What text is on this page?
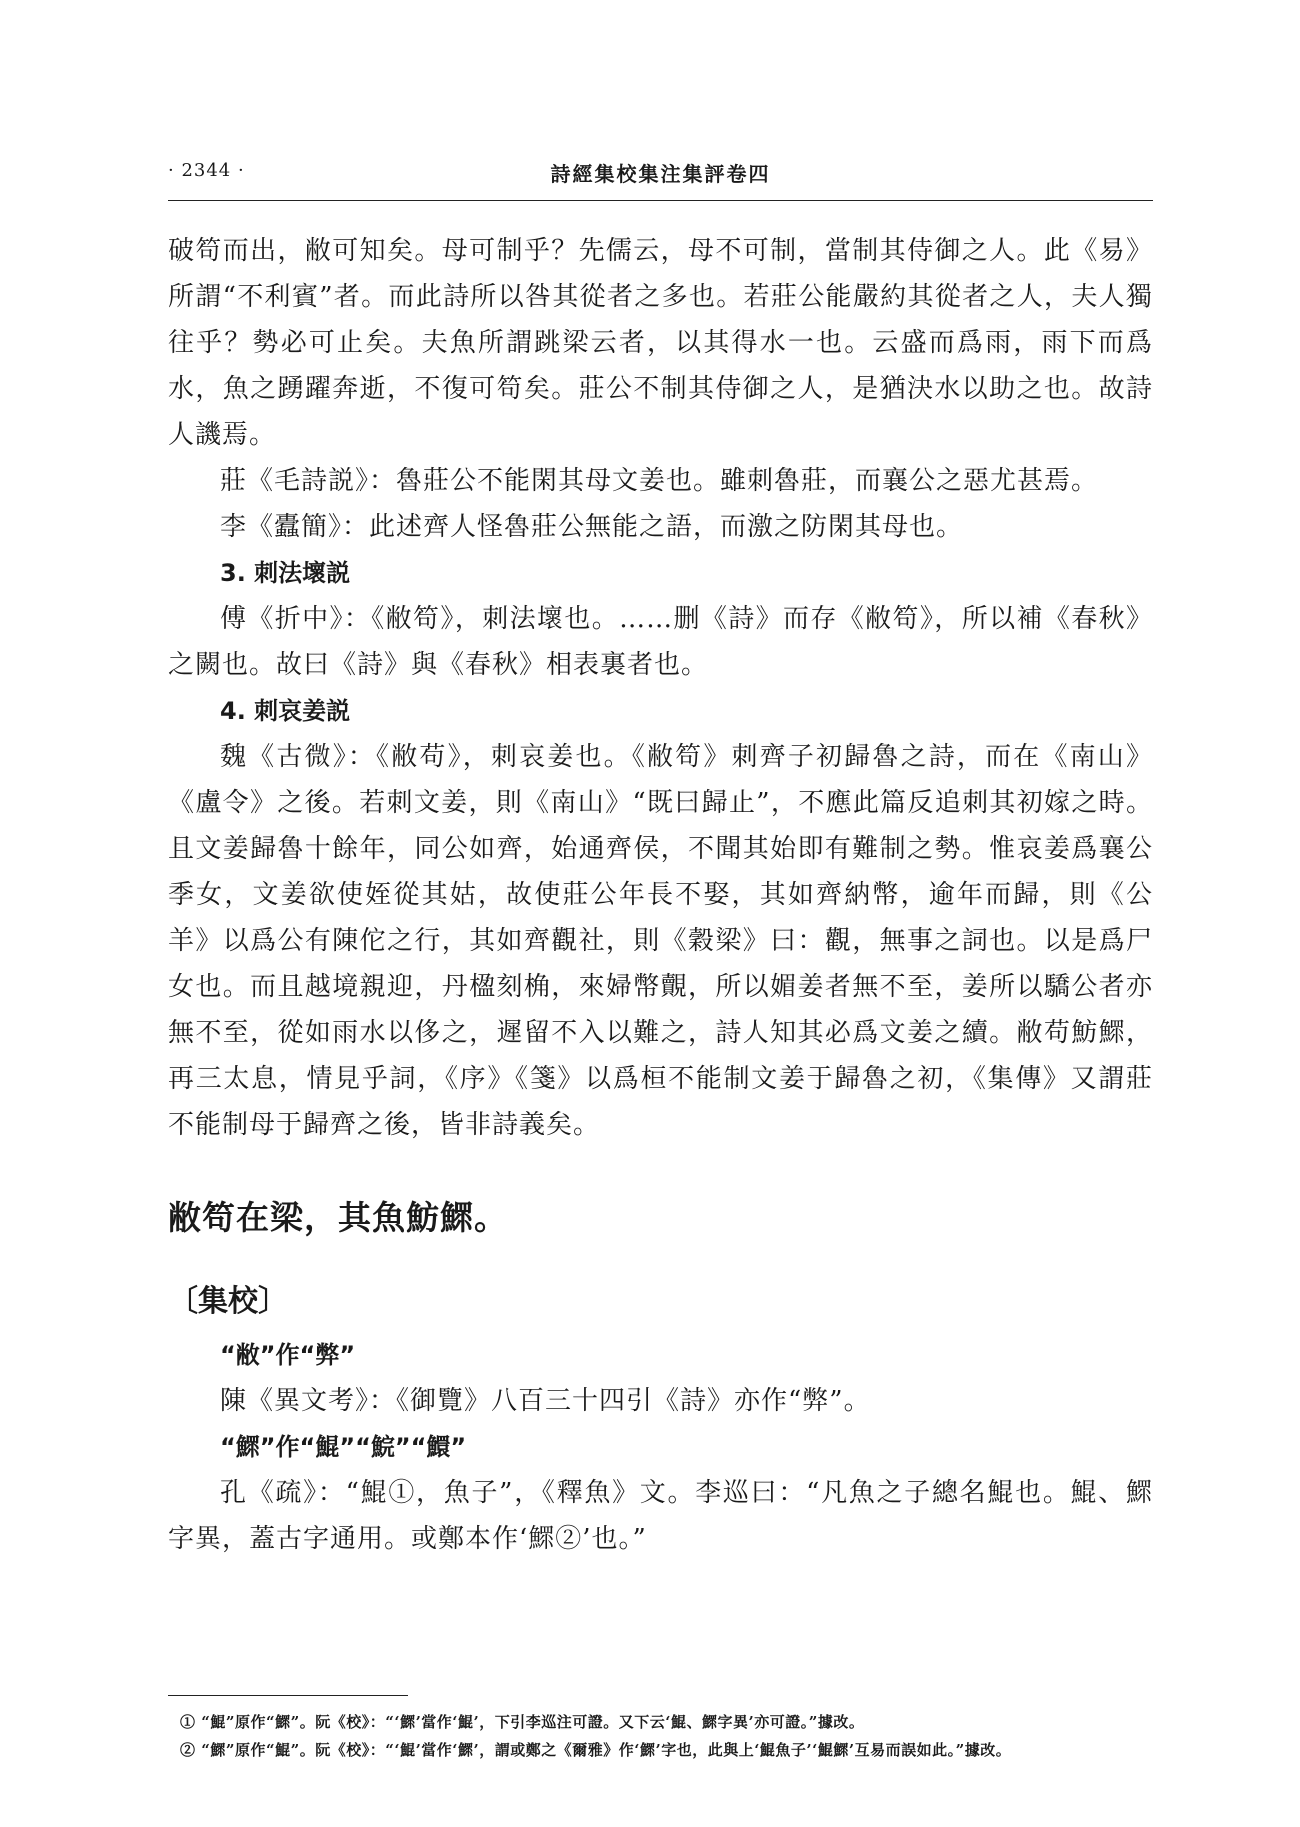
· 2344 ·	詩經集校集注集評卷四

破笱而出，敝可知矣。母可制乎？先儒云，母不可制，當制其侍御之人。此《易》所謂“不利賓”者。而此詩所以咎其從者之多也。若莊公能嚴約其從者之人，夫人獨往乎？勢必可止矣。夫魚所謂跳梁云者，以其得水一也。云盛而爲雨，雨下而爲水，魚之踴躍奔逝，不復可笱矣。莊公不制其侍御之人，是猶決水以助之也。故詩人譏焉。

莊《毛詩説》：魯莊公不能閑其母文姜也。雖刺魯莊，而襄公之惡尤甚焉。

李《蠹簡》：此述齊人怪魯莊公無能之語，而激之防閑其母也。

3. 刺法壞説

傅《折中》：《敝笱》，刺法壞也。……删《詩》而存《敝笱》，所以補《春秋》之闕也。故曰《詩》與《春秋》相表裏者也。

4. 刺哀姜説

魏《古微》：《敝苟》，刺哀姜也。《敝笱》刺齊子初歸魯之詩，而在《南山》《盧令》之後。若刺文姜，則《南山》“既曰歸止”，不應此篇反追刺其初嫁之時。且文姜歸魯十餘年，同公如齊，始通齊侯，不聞其始即有難制之勢。惟哀姜爲襄公季女，文姜欲使姪從其姑，故使莊公年長不娶，其如齊納幣，逾年而歸，則《公羊》以爲公有陳佗之行，其如齊觀社，則《穀梁》曰：觀，無事之詞也。以是爲尸女也。而且越境親迎，丹楹刻桷，來婦幣覿，所以媚姜者無不至，姜所以驕公者亦無不至，從如雨水以侈之，遲留不入以難之，詩人知其必爲文姜之續。敝苟魴鰥，再三太息，情見乎詞，《序》《箋》以爲桓不能制文姜于歸魯之初，《集傳》又謂莊不能制母于歸齊之後，皆非詩義矣。

敝笱在梁，其魚魴鰥。

〔集校〕

“敝”作“弊”

陳《異文考》：《御覽》八百三十四引《詩》亦作“弊”。

“鰥”作“鯤”“鯇”“鱞”

孔《疏》：“鯤①，魚子”，《釋魚》文。李巡曰：“凡魚之子總名鯤也。鯤、鰥字異，蓋古字通用。或鄭本作‘鰥②’也。”

① “鯤”原作“鰥”。阮《校》：“‘鰥’當作‘鯤’，下引李巡注可證。又下云‘鯤、鰥字異’亦可證。”據改。

② “鰥”原作“鯤”。阮《校》：“‘鯤’當作‘鰥’，謂或鄭之《爾雅》作‘鰥’字也，此與上‘鯤魚子’‘鯤鰥’互易而誤如此。”據改。
